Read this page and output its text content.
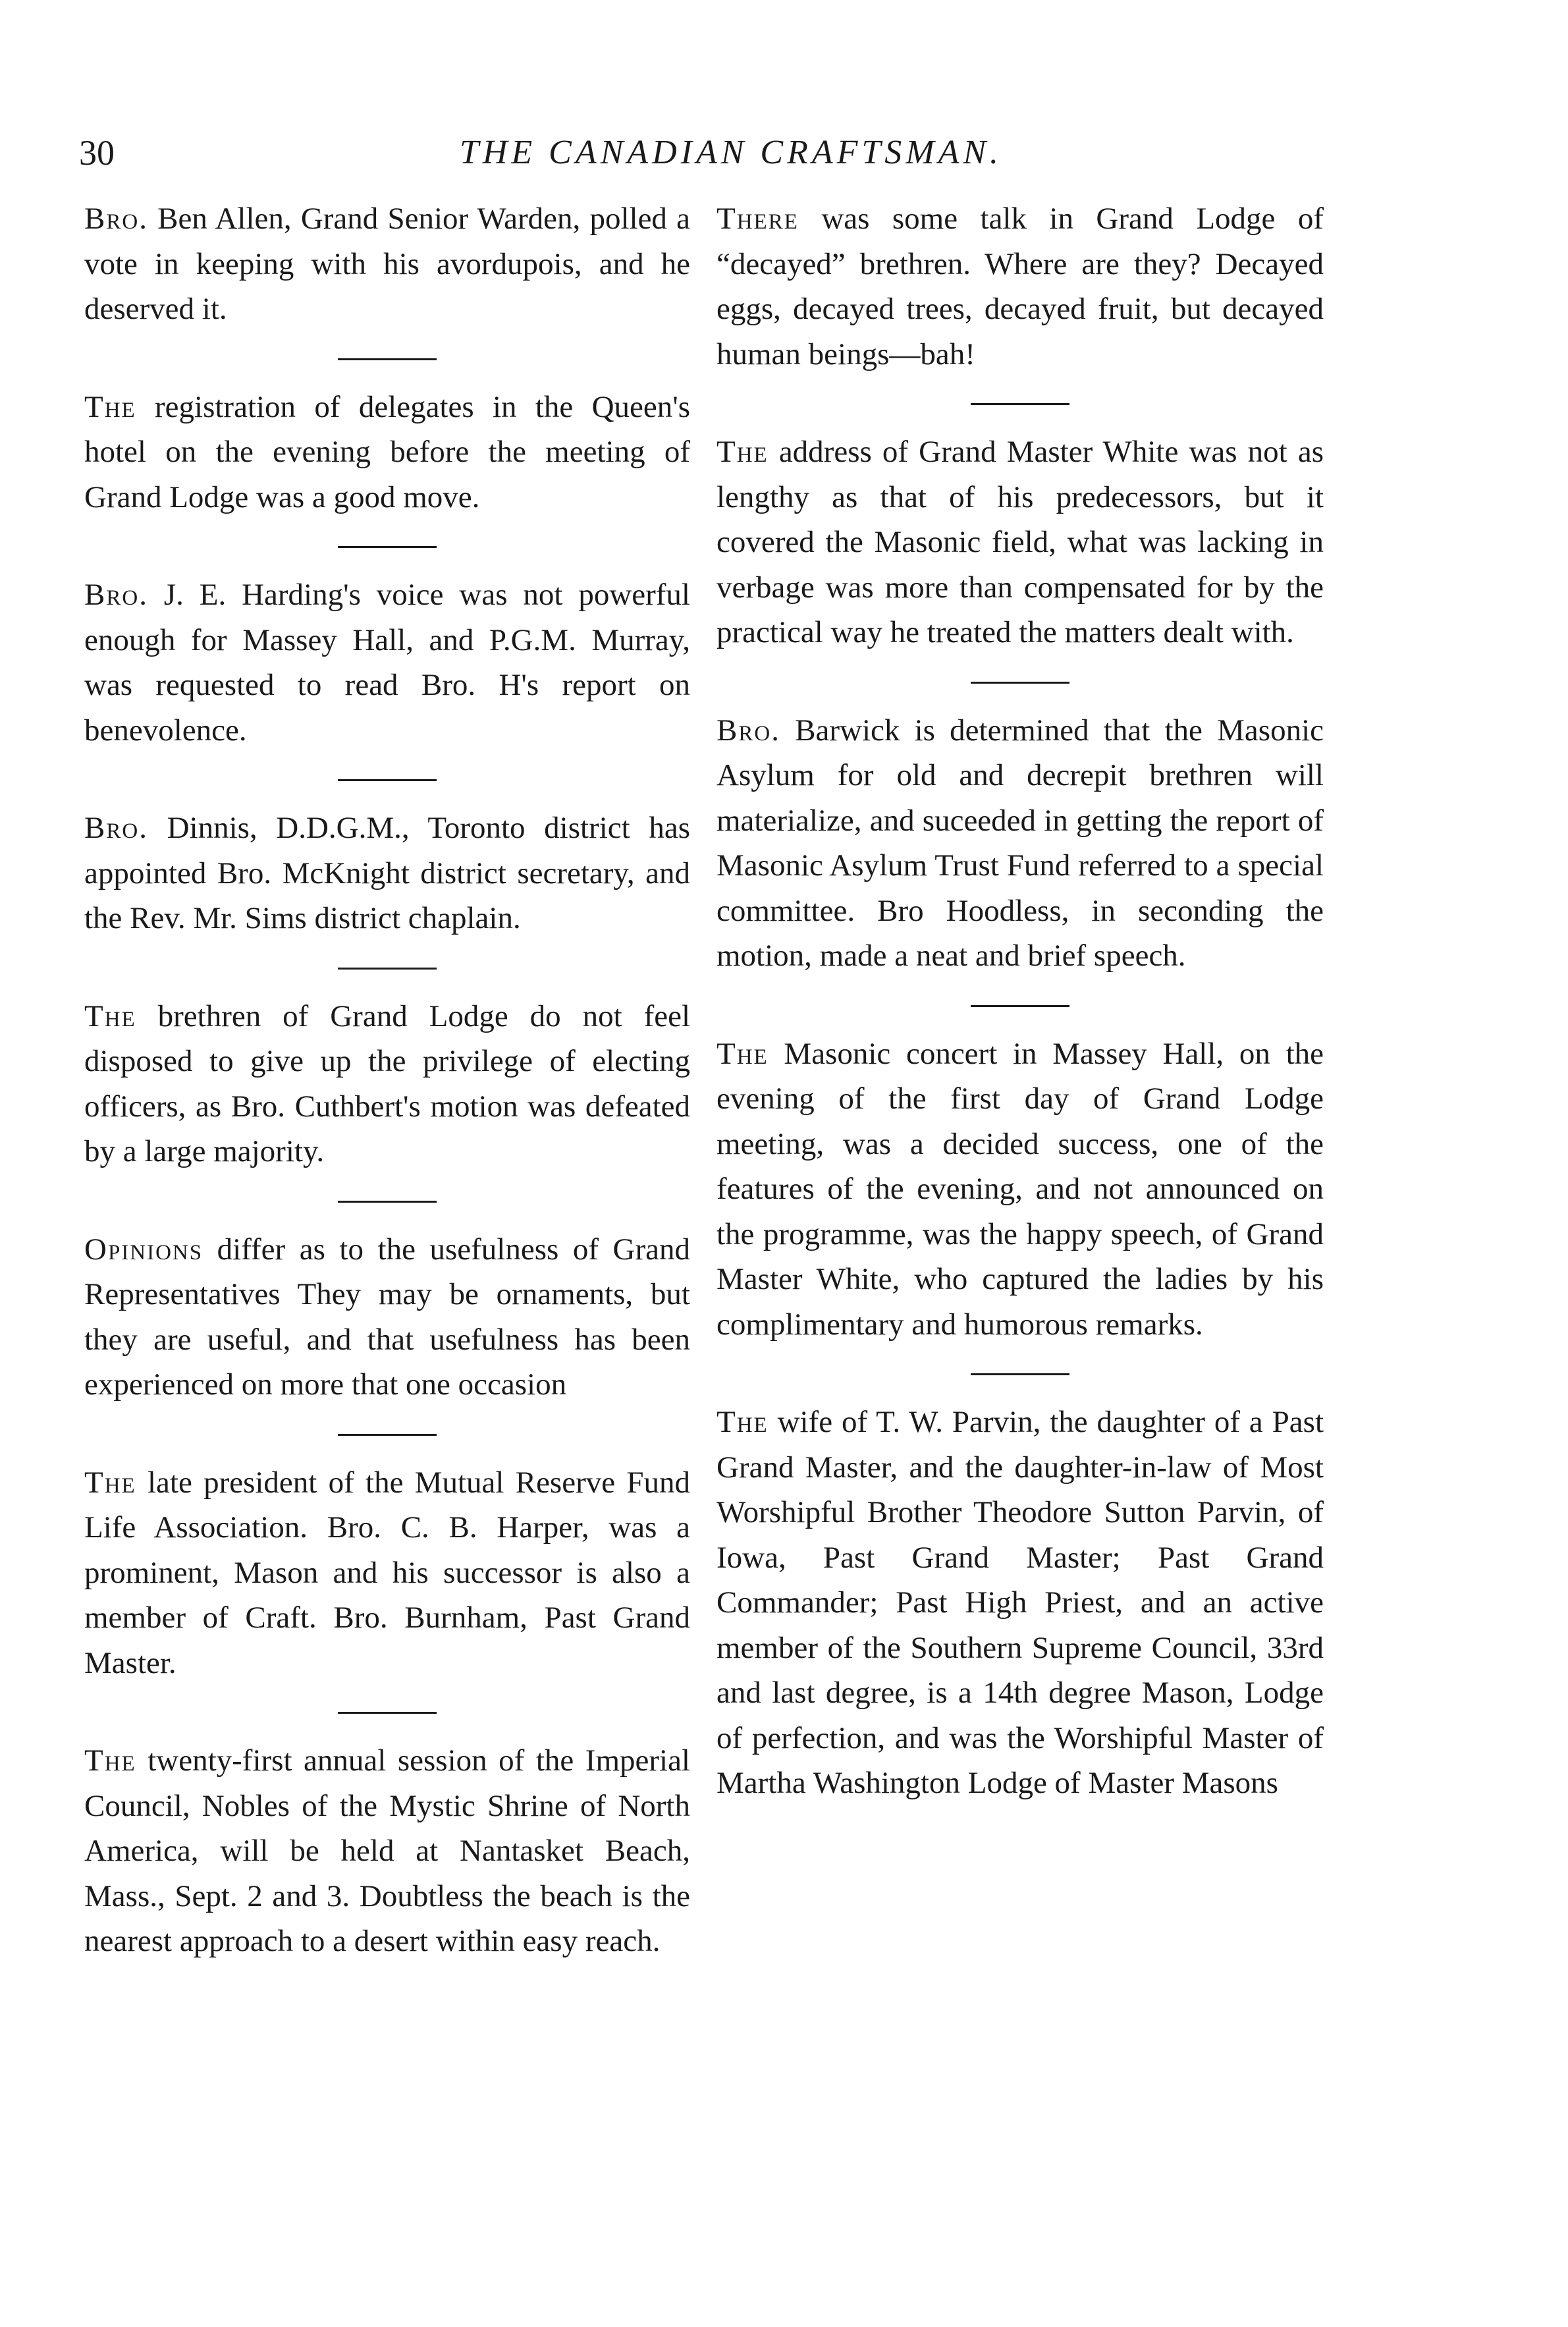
30	THE CANADIAN CRAFTSMAN.

Bro. Ben Allen, Grand Senior Warden, polled a vote in keeping with his avordupois, and he deserved it.

The registration of delegates in the Queen's hotel on the evening before the meeting of Grand Lodge was a good move.

Bro. J. E. Harding's voice was not powerful enough for Massey Hall, and P.G.M. Murray, was requested to read Bro. H's report on benevolence.

Bro. Dinnis, D.D.G.M., Toronto district has appointed Bro. McKnight district secretary, and the Rev. Mr. Sims district chaplain.

The brethren of Grand Lodge do not feel disposed to give up the privilege of electing officers, as Bro. Cuthbert's motion was defeated by a large majority.

Opinions differ as to the usefulness of Grand Representatives They may be ornaments, but they are useful, and that usefulness has been experienced on more that one occasion

The late president of the Mutual Reserve Fund Life Association. Bro. C. B. Harper, was a prominent, Mason and his successor is also a member of Craft. Bro. Burnham, Past Grand Master.

The twenty-first annual session of the Imperial Council, Nobles of the Mystic Shrine of North America, will be held at Nantasket Beach, Mass., Sept. 2 and 3. Doubtless the beach is the nearest approach to a desert within easy reach.

There was some talk in Grand Lodge of “decayed” brethren. Where are they? Decayed eggs, decayed trees, decayed fruit, but decayed human beings—bah!

The address of Grand Master White was not as lengthy as that of his predecessors, but it covered the Masonic field, what was lacking in verbage was more than compensated for by the practical way he treated the matters dealt with.

Bro. Barwick is determined that the Masonic Asylum for old and decrepit brethren will materialize, and suceeded in getting the report of Masonic Asylum Trust Fund referred to a special committee. Bro Hoodless, in seconding the motion, made a neat and brief speech.

The Masonic concert in Massey Hall, on the evening of the first day of Grand Lodge meeting, was a decided success, one of the features of the evening, and not announced on the programme, was the happy speech, of Grand Master White, who captured the ladies by his complimentary and humorous remarks.

The wife of T. W. Parvin, the daughter of a Past Grand Master, and the daughter-in-law of Most Worshipful Brother Theodore Sutton Parvin, of Iowa, Past Grand Master; Past Grand Commander; Past High Priest, and an active member of the Southern Supreme Council, 33rd and last degree, is a 14th degree Mason, Lodge of perfection, and was the Worshipful Master of Martha Washington Lodge of Master Masons
